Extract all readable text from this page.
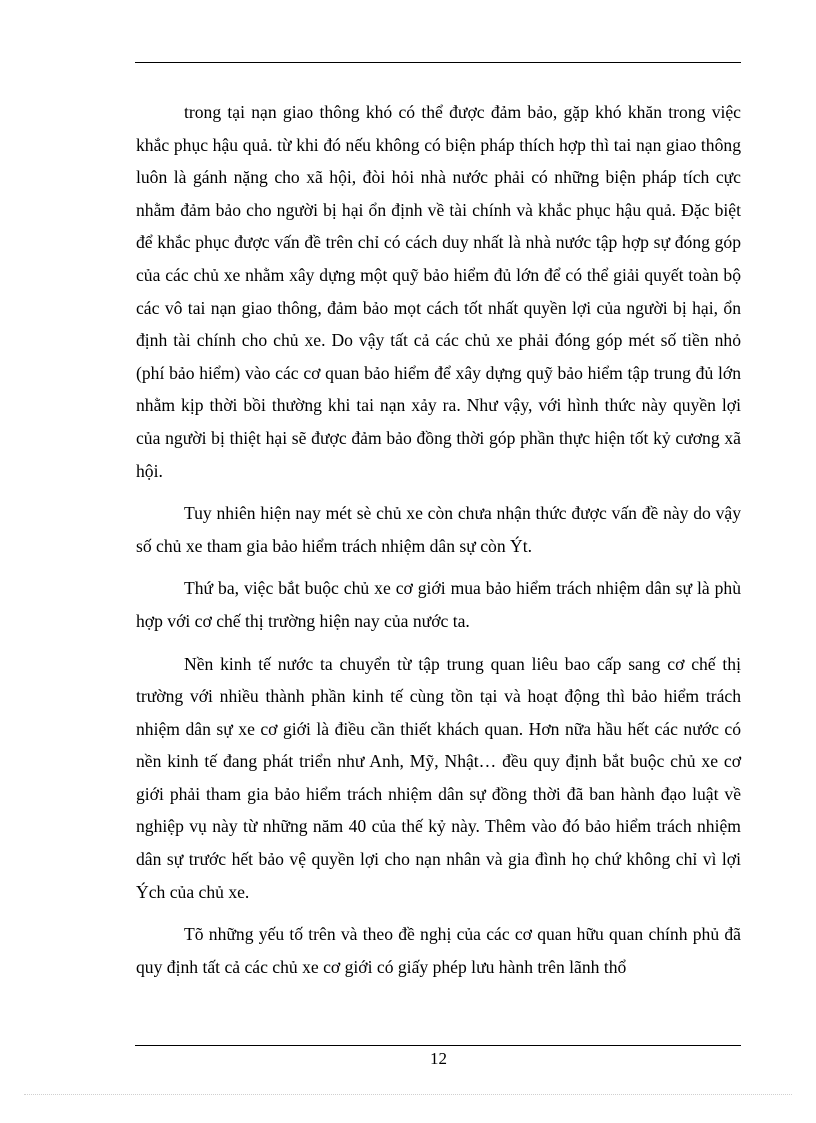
trong tại nạn giao thông khó có thể được đảm bảo, gặp khó khăn trong việc khắc phục hậu quả. từ khi đó nếu không có biện pháp thích hợp thì tai nạn giao thông luôn là gánh nặng cho xã hội, đòi hỏi nhà nước phải có những biện pháp tích cực nhằm đảm bảo cho người bị hại ổn định về tài chính và khắc phục hậu quả. Đặc biệt để khắc phục được vấn đề trên chỉ có cách duy nhất là nhà nước tập hợp sự đóng góp của các chủ xe nhằm xây dựng một quỹ bảo hiểm đủ lớn để có thể giải quyết toàn bộ các vô tai nạn giao thông, đảm bảo mọt cách tốt nhất quyền lợi của người bị hại, ổn định tài chính cho chủ xe. Do vậy tất cả các chủ xe phải đóng góp mét số tiền nhỏ (phí bảo hiểm) vào các cơ quan bảo hiểm để xây dựng quỹ bảo hiểm tập trung đủ lớn nhằm kịp thời bồi thường khi tai nạn xảy ra. Như vậy, với hình thức này quyền lợi của người bị thiệt hại sẽ được đảm bảo đồng thời góp phần thực hiện tốt kỷ cương xã hội.

Tuy nhiên hiện nay mét sè chủ xe còn chưa nhận thức được vấn đề này do vậy số chủ xe tham gia bảo hiểm trách nhiệm dân sự còn Ýt.

Thứ ba, việc bắt buộc chủ xe cơ giới mua bảo hiểm trách nhiệm dân sự là phù hợp với cơ chế thị trường hiện nay của nước ta.

Nền kinh tế nước ta chuyển từ tập trung quan liêu bao cấp sang cơ chế thị trường với nhiều thành phần kinh tế cùng tồn tại và hoạt động thì bảo hiểm trách nhiệm dân sự xe cơ giới là điều cần thiết khách quan. Hơn nữa hầu hết các nước có nền kinh tế đang phát triển như Anh, Mỹ, Nhật… đều quy định bắt buộc chủ xe cơ giới phải tham gia bảo hiểm trách nhiệm dân sự đồng thời đã ban hành đạo luật về nghiệp vụ này từ những năm 40 của thế kỷ này. Thêm vào đó bảo hiểm trách nhiệm dân sự trước hết bảo vệ quyền lợi cho nạn nhân và gia đình họ chứ không chỉ vì lợi Ých của chủ xe.

Tõ những yếu tố trên và theo đề nghị của các cơ quan hữu quan chính phủ đã quy định tất cả các chủ xe cơ giới có giấy phép lưu hành trên lãnh thổ

12
